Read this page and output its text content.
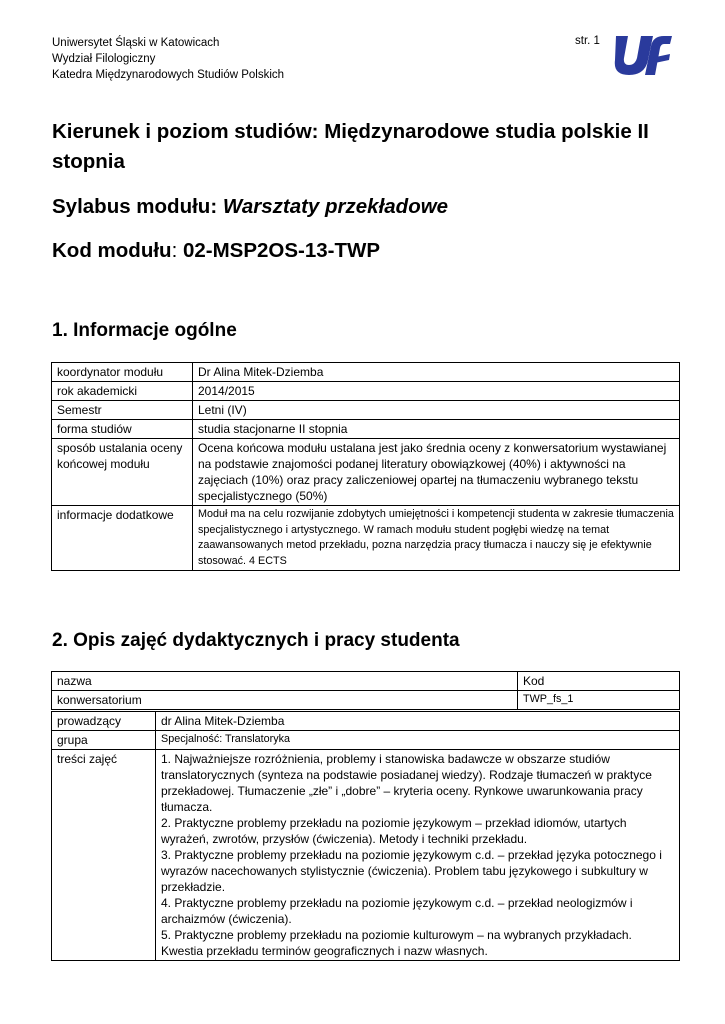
Uniwersytet Śląski w Katowicach
Wydział Filologiczny
Katedra Międzynarodowych Studiów Polskich
str. 1
Kierunek i poziom studiów: Międzynarodowe studia polskie II stopnia
Sylabus modułu: Warsztaty przekładowe
Kod modułu: 02-MSP2OS-13-TWP
1. Informacje ogólne
koordynator modułu	Dr Alina Mitek-Dziemba
rok akademicki	2014/2015
Semestr	Letni (IV)
forma studiów	studia stacjonarne II stopnia
sposób ustalania oceny końcowej modułu	Ocena końcowa modułu ustalana jest jako średnia oceny z konwersatorium wystawianej na podstawie znajomości podanej literatury obowiązkowej (40%) i aktywności na zajęciach (10%) oraz pracy zaliczeniowej opartej na tłumaczeniu wybranego tekstu specjalistycznego (50%)
informacje dodatkowe	Moduł ma na celu rozwijanie zdobytych umiejętności i kompetencji studenta w zakresie tłumaczenia specjalistycznego i artystycznego. W ramach modułu student pogłębi wiedzę na temat zaawansowanych metod przekładu, pozna narzędzia pracy tłumacza i nauczy się je efektywnie stosować. 4 ECTS
2. Opis zajęć dydaktycznych i pracy studenta
nazwa	Kod
konwersatorium	TWP_fs_1
prowadzący	dr Alina Mitek-Dziemba
grupa	Specjalność: Translatoryka
treści zajęć	1. Najważniejsze rozróżnienia, problemy i stanowiska badawcze w obszarze studiów translatorycznych (synteza na podstawie posiadanej wiedzy). Rodzaje tłumaczeń w praktyce przekładowej. Tłumaczenie „złe” i „dobre” – kryteria oceny. Rynkowe uwarunkowania pracy tłumacza.
2. Praktyczne problemy przekładu na poziomie językowym – przekład idiomów, utartych wyrażeń, zwrotów, przysłów (ćwiczenia). Metody i techniki przekładu.
3. Praktyczne problemy przekładu na poziomie językowym c.d. – przekład języka potocznego i wyrazów nacechowanych stylistycznie (ćwiczenia). Problem tabu językowego i subkultury w przekładzie.
4. Praktyczne problemy przekładu na poziomie językowym c.d. – przekład neologizmów i archaizmów (ćwiczenia).
5. Praktyczne problemy przekładu na poziomie kulturowym – na wybranych przykładach. Kwestia przekładu terminów geograficznych i nazw własnych.
